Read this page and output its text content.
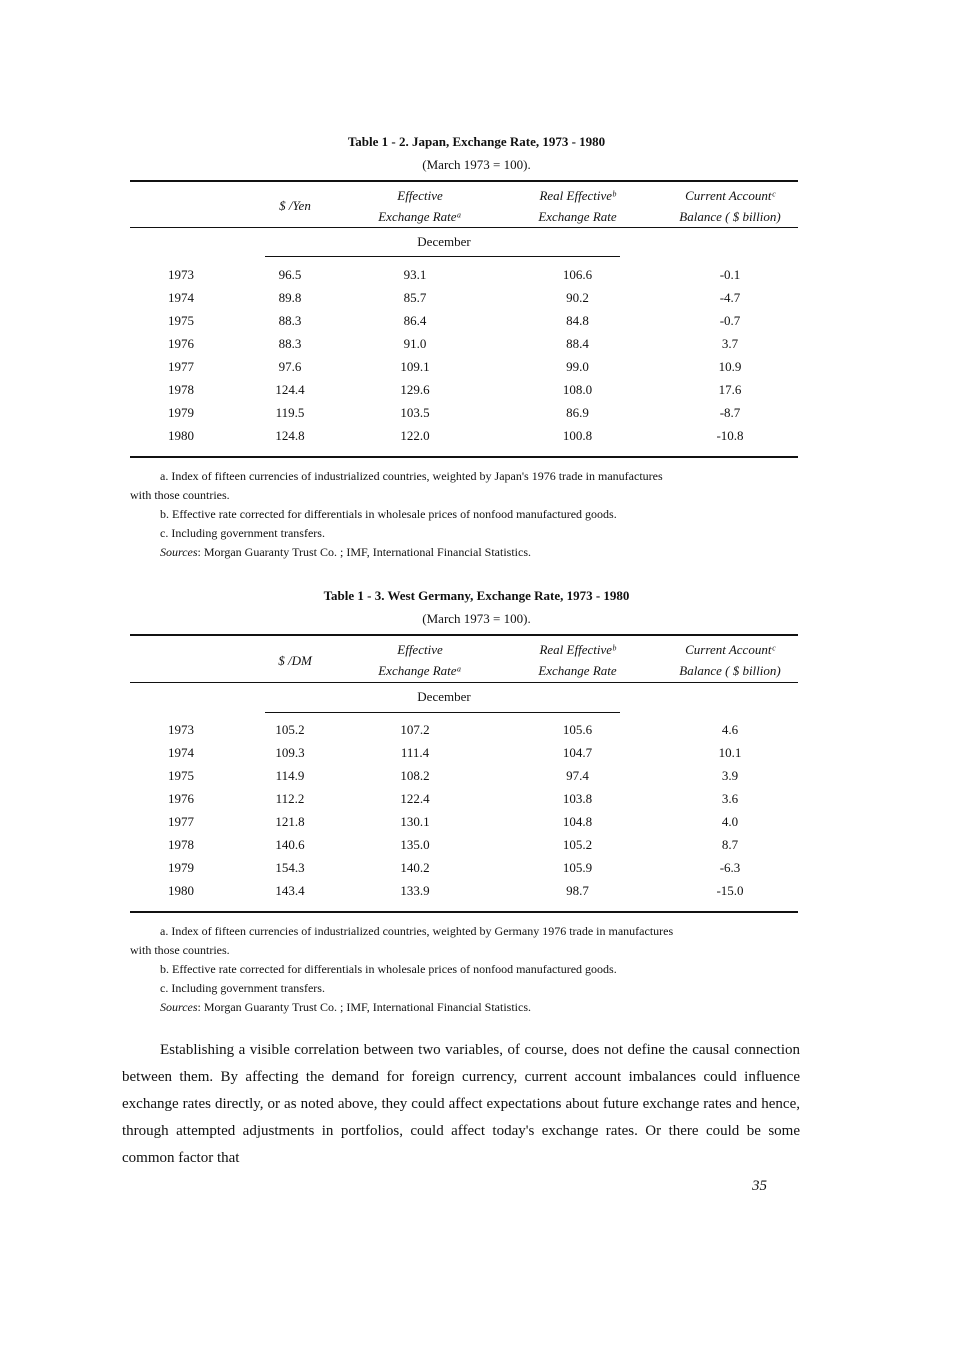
Table 1 - 2. Japan, Exchange Rate, 1973 - 1980
(March 1973 = 100).
$ /Yen
Effective
Exchange Rateᵃ
Real Effectiveᵇ
Exchange Rate
Current Accountᶜ
Balance ( $ billion)
December
1973	96.5	93.1	106.6	-0.1
1974	89.8	85.7	90.2	-4.7
1975	88.3	86.4	84.8	-0.7
1976	88.3	91.0	88.4	3.7
1977	97.6	109.1	99.0	10.9
1978	124.4	129.6	108.0	17.6
1979	119.5	103.5	86.9	-8.7
1980	124.8	122.0	100.8	-10.8
a. Index of fifteen currencies of industrialized countries, weighted by Japan's 1976 trade in manufactures
with those countries.
b. Effective rate corrected for differentials in wholesale prices of nonfood manufactured goods.
c. Including government transfers.
Sources: Morgan Guaranty Trust Co. ; IMF, International Financial Statistics.
Table 1 - 3. West Germany, Exchange Rate, 1973 - 1980
(March 1973 = 100).
$ /DM
Effective
Exchange Rateᵃ
Real Effectiveᵇ
Exchange Rate
Current Accountᶜ
Balance ( $ billion)
December
1973	105.2	107.2	105.6	4.6
1974	109.3	111.4	104.7	10.1
1975	114.9	108.2	97.4	3.9
1976	112.2	122.4	103.8	3.6
1977	121.8	130.1	104.8	4.0
1978	140.6	135.0	105.2	8.7
1979	154.3	140.2	105.9	-6.3
1980	143.4	133.9	98.7	-15.0
a. Index of fifteen currencies of industrialized countries, weighted by Germany 1976 trade in manufactures
with those countries.
b. Effective rate corrected for differentials in wholesale prices of nonfood manufactured goods.
c. Including government transfers.
Sources: Morgan Guaranty Trust Co. ; IMF, International Financial Statistics.
Establishing a visible correlation between two variables, of course, does not define the causal connection between them. By affecting the demand for foreign currency, current account imbalances could influence exchange rates directly, or as noted above, they could affect expectations about future exchange rates and hence, through attempted adjustments in portfolios, could affect today's exchange rates. Or there could be some common factor that
35
